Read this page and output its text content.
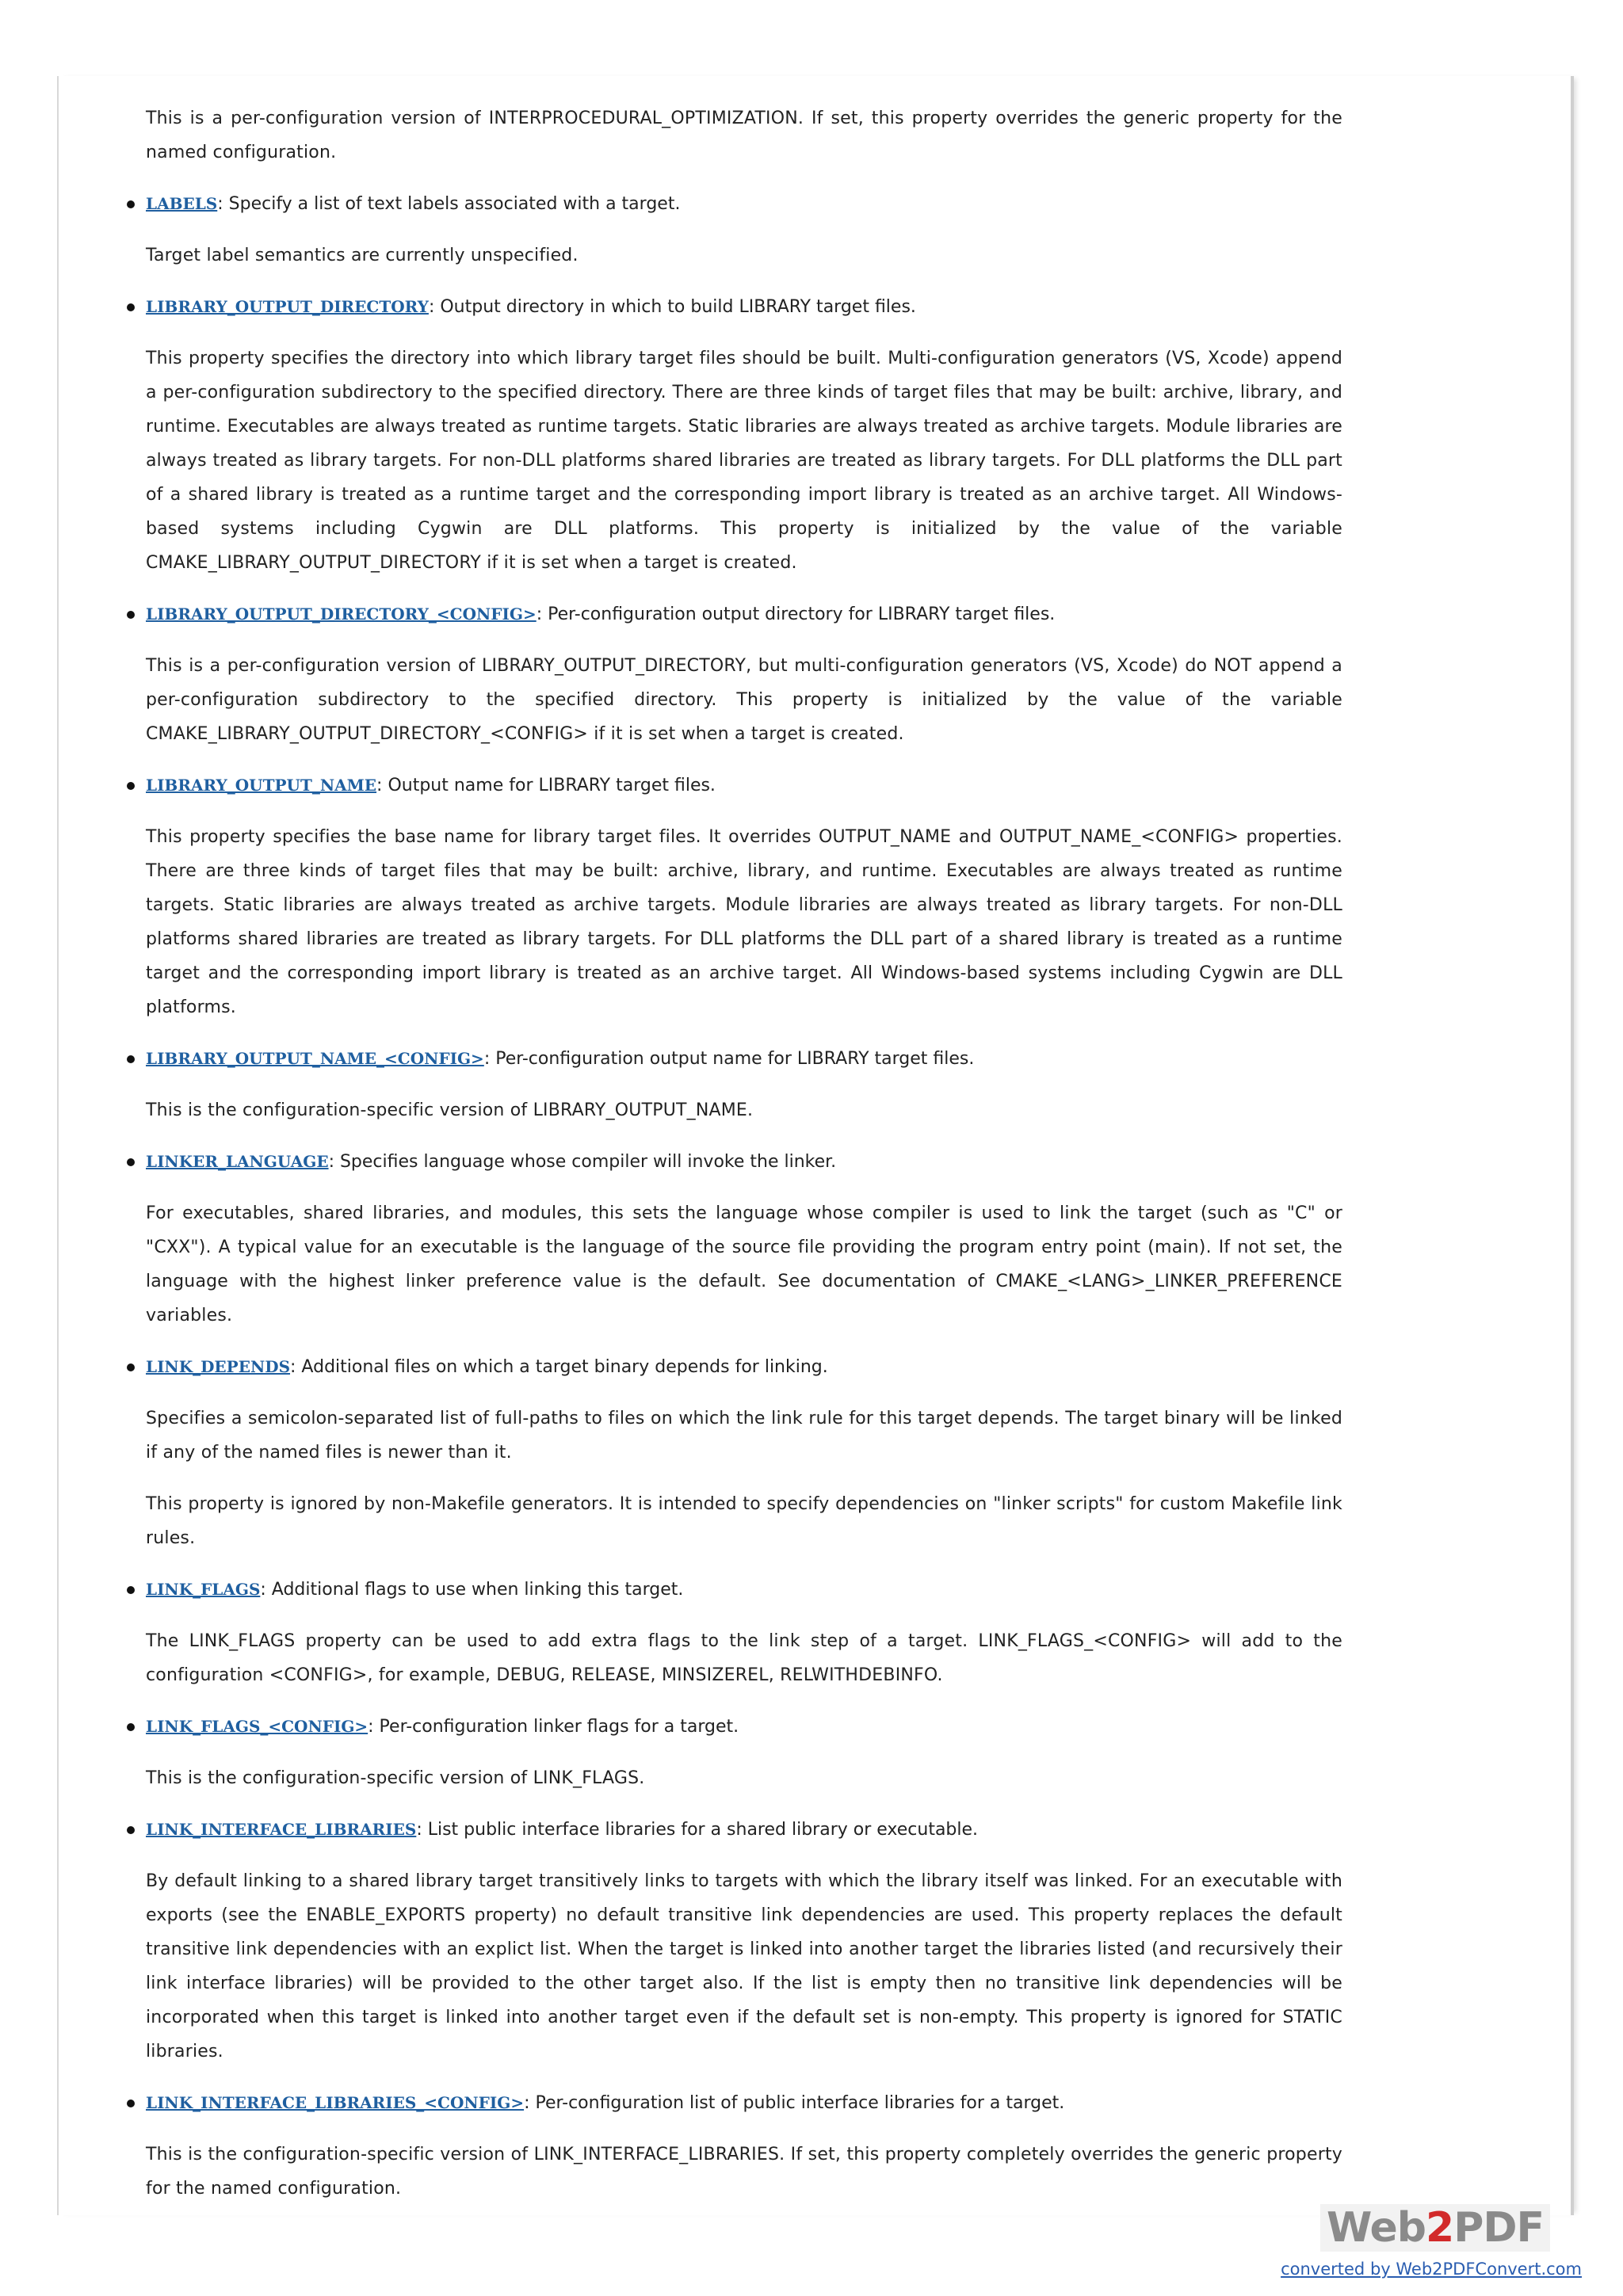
This is a per-configuration version of INTERPROCEDURAL_OPTIMIZATION. If set, this property overrides the generic property for the named configuration.

LABELS: Specify a list of text labels associated with a target.

Target label semantics are currently unspecified.

LIBRARY_OUTPUT_DIRECTORY: Output directory in which to build LIBRARY target files.

This property specifies the directory into which library target files should be built. Multi-configuration generators (VS, Xcode) append a per-configuration subdirectory to the specified directory. There are three kinds of target files that may be built: archive, library, and runtime. Executables are always treated as runtime targets. Static libraries are always treated as archive targets. Module libraries are always treated as library targets. For non-DLL platforms shared libraries are treated as library targets. For DLL platforms the DLL part of a shared library is treated as a runtime target and the corresponding import library is treated as an archive target. All Windows-based systems including Cygwin are DLL platforms. This property is initialized by the value of the variable CMAKE_LIBRARY_OUTPUT_DIRECTORY if it is set when a target is created.

LIBRARY_OUTPUT_DIRECTORY_<CONFIG>: Per-configuration output directory for LIBRARY target files.

This is a per-configuration version of LIBRARY_OUTPUT_DIRECTORY, but multi-configuration generators (VS, Xcode) do NOT append a per-configuration subdirectory to the specified directory. This property is initialized by the value of the variable CMAKE_LIBRARY_OUTPUT_DIRECTORY_<CONFIG> if it is set when a target is created.

LIBRARY_OUTPUT_NAME: Output name for LIBRARY target files.

This property specifies the base name for library target files. It overrides OUTPUT_NAME and OUTPUT_NAME_<CONFIG> properties. There are three kinds of target files that may be built: archive, library, and runtime. Executables are always treated as runtime targets. Static libraries are always treated as archive targets. Module libraries are always treated as library targets. For non-DLL platforms shared libraries are treated as library targets. For DLL platforms the DLL part of a shared library is treated as a runtime target and the corresponding import library is treated as an archive target. All Windows-based systems including Cygwin are DLL platforms.

LIBRARY_OUTPUT_NAME_<CONFIG>: Per-configuration output name for LIBRARY target files.

This is the configuration-specific version of LIBRARY_OUTPUT_NAME.

LINKER_LANGUAGE: Specifies language whose compiler will invoke the linker.

For executables, shared libraries, and modules, this sets the language whose compiler is used to link the target (such as "C" or "CXX"). A typical value for an executable is the language of the source file providing the program entry point (main). If not set, the language with the highest linker preference value is the default. See documentation of CMAKE_<LANG>_LINKER_PREFERENCE variables.

LINK_DEPENDS: Additional files on which a target binary depends for linking.

Specifies a semicolon-separated list of full-paths to files on which the link rule for this target depends. The target binary will be linked if any of the named files is newer than it.

This property is ignored by non-Makefile generators. It is intended to specify dependencies on "linker scripts" for custom Makefile link rules.

LINK_FLAGS: Additional flags to use when linking this target.

The LINK_FLAGS property can be used to add extra flags to the link step of a target. LINK_FLAGS_<CONFIG> will add to the configuration <CONFIG>, for example, DEBUG, RELEASE, MINSIZEREL, RELWITHDEBINFO.

LINK_FLAGS_<CONFIG>: Per-configuration linker flags for a target.

This is the configuration-specific version of LINK_FLAGS.

LINK_INTERFACE_LIBRARIES: List public interface libraries for a shared library or executable.

By default linking to a shared library target transitively links to targets with which the library itself was linked. For an executable with exports (see the ENABLE_EXPORTS property) no default transitive link dependencies are used. This property replaces the default transitive link dependencies with an explict list. When the target is linked into another target the libraries listed (and recursively their link interface libraries) will be provided to the other target also. If the list is empty then no transitive link dependencies will be incorporated when this target is linked into another target even if the default set is non-empty. This property is ignored for STATIC libraries.

LINK_INTERFACE_LIBRARIES_<CONFIG>: Per-configuration list of public interface libraries for a target.

This is the configuration-specific version of LINK_INTERFACE_LIBRARIES. If set, this property completely overrides the generic property for the named configuration.

Web2PDF
converted by Web2PDFConvert.com
